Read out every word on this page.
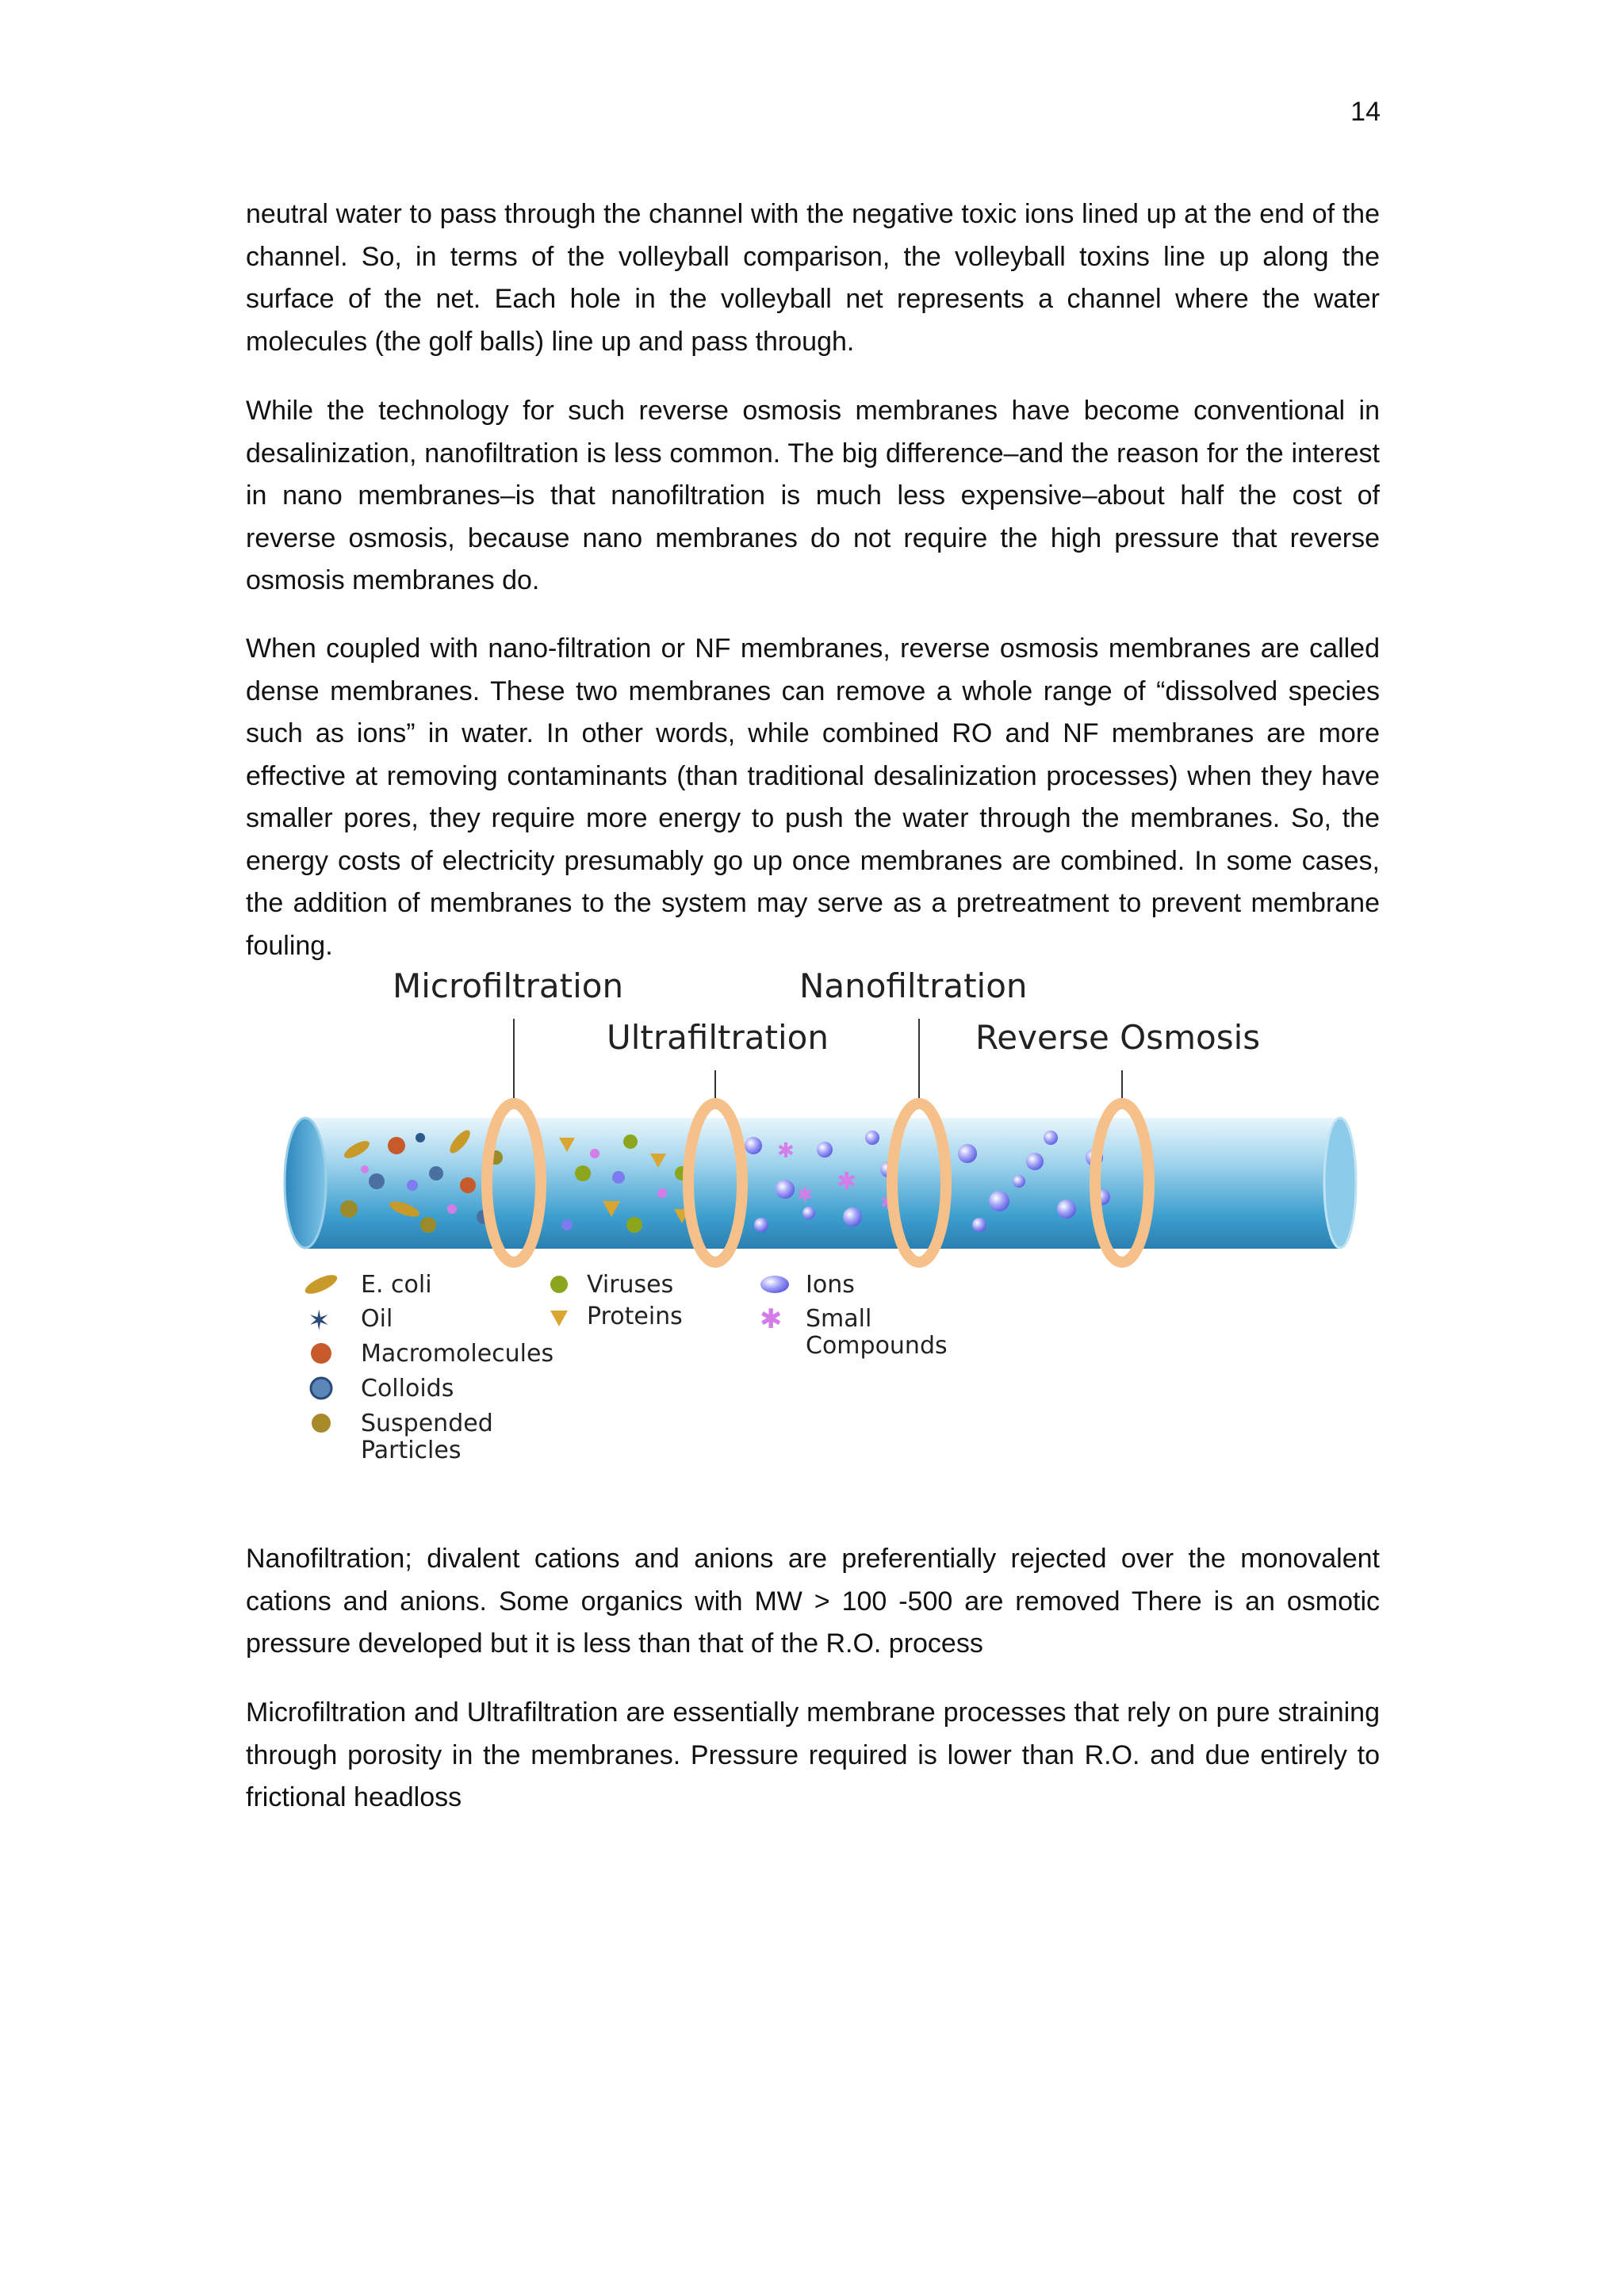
14

neutral water to pass through the channel with the negative toxic ions lined up at the end of the channel. So, in terms of the volleyball comparison, the volleyball toxins line up along the surface of the net. Each hole in the volleyball net represents a channel where the water molecules (the golf balls) line up and pass through.

While the technology for such reverse osmosis membranes have become conventional in desalinization, nanofiltration is less common. The big difference–and the reason for the interest in nano membranes–is that nanofiltration is much less expensive–about half the cost of reverse osmosis, because nano membranes do not require the high pressure that reverse osmosis membranes do.

When coupled with nano-filtration or NF membranes, reverse osmosis membranes are called dense membranes. These two membranes can remove a whole range of “dissolved species such as ions” in water. In other words, while combined RO and NF membranes are more effective at removing contaminants (than traditional desalinization processes) when they have smaller pores, they require more energy to push the water through the membranes. So, the energy costs of electricity presumably go up once membranes are combined. In some cases, the addition of membranes to the system may serve as a pretreatment to prevent membrane fouling.

Microfiltration	Nanofiltration
Ultrafiltration	Reverse Osmosis
✱
✱
✱	✱
E. coli
✶ Oil
Macromolecules
Colloids
Suspended
Particles
Viruses
Proteins
Ions
✱ Small
Compounds

Nanofiltration; divalent cations and anions are preferentially rejected over the monovalent cations and anions. Some organics with MW > 100 -500 are removed There is an osmotic pressure developed but it is less than that of the R.O. process

Microfiltration and Ultrafiltration are essentially membrane processes that rely on pure straining through porosity in the membranes. Pressure required is lower than R.O. and due entirely to frictional headloss
